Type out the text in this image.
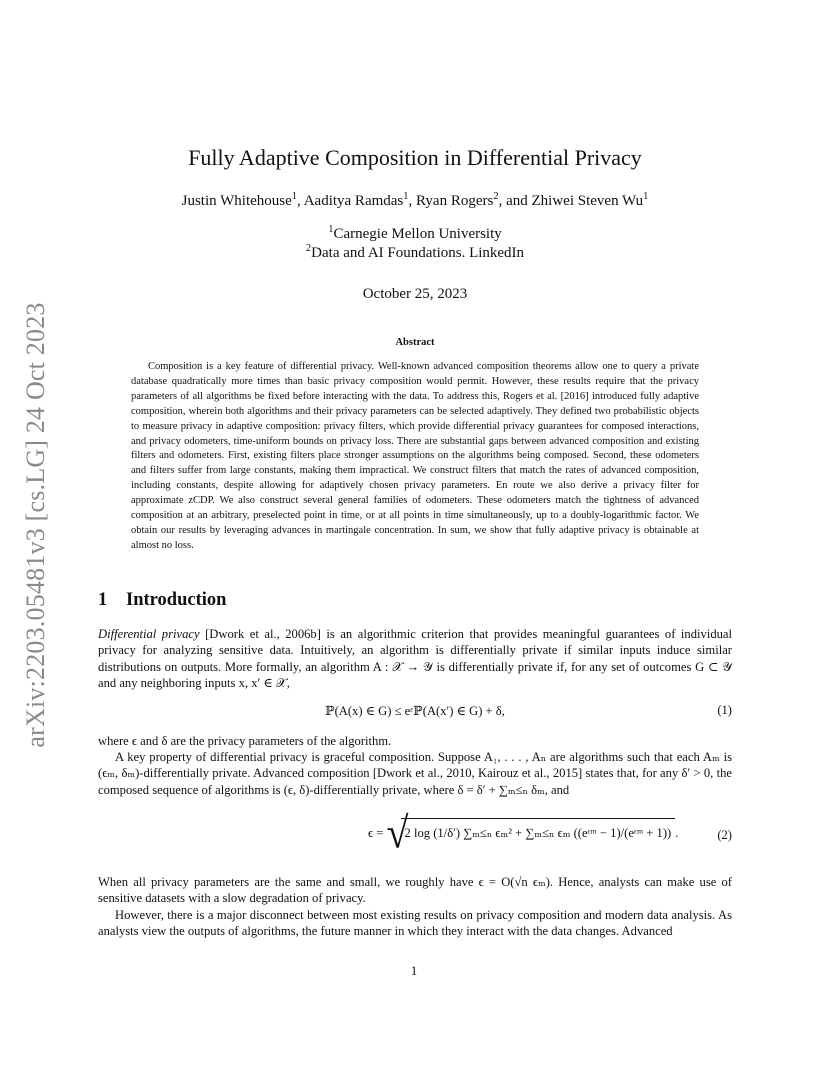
arXiv:2203.05481v3 [cs.LG] 24 Oct 2023
Fully Adaptive Composition in Differential Privacy
Justin Whitehouse$^1$, Aaditya Ramdas$^1$, Ryan Rogers$^2$, and Zhiwei Steven Wu$^1$
$^1$Carnegie Mellon University
$^2$Data and AI Foundations. LinkedIn
October 25, 2023
Abstract

Composition is a key feature of differential privacy. Well-known advanced composition theorems allow one to query a private database quadratically more times than basic privacy composition would permit. However, these results require that the privacy parameters of all algorithms be fixed before interacting with the data. To address this, Rogers et al. [2016] introduced fully adaptive composition, wherein both algorithms and their privacy parameters can be selected adaptively. They defined two probabilistic objects to measure privacy in adaptive composition: privacy filters, which provide differential privacy guarantees for composed interactions, and privacy odometers, time-uniform bounds on privacy loss. There are substantial gaps between advanced composition and existing filters and odometers. First, existing filters place stronger assumptions on the algorithms being composed. Second, these odometers and filters suffer from large constants, making them impractical. We construct filters that match the rates of advanced composition, including constants, despite allowing for adaptively chosen privacy parameters. En route we also derive a privacy filter for approximate zCDP. We also construct several general families of odometers. These odometers match the tightness of advanced composition at an arbitrary, preselected point in time, or at all points in time simultaneously, up to a doubly-logarithmic factor. We obtain our results by leveraging advances in martingale concentration. In sum, we show that fully adaptive privacy is obtainable at almost no loss.

1 Introduction

Differential privacy [Dwork et al., 2006b] is an algorithmic criterion that provides meaningful guarantees of individual privacy for analyzing sensitive data. Intuitively, an algorithm is differentially private if similar inputs induce similar distributions on outputs. More formally, an algorithm A : 𝒳 → 𝒴 is differentially private if, for any set of outcomes G ⊂ 𝒴 and any neighboring inputs x, x′ ∈ 𝒳,

ℙ(A(x) ∈ G) ≤ eᵋℙ(A(x′) ∈ G) + δ,	(1)

where ϵ and δ are the privacy parameters of the algorithm.

A key property of differential privacy is graceful composition. Suppose A₁, . . . , Aₙ are algorithms such that each Aₘ is (ϵₘ, δₘ)-differentially private. Advanced composition [Dwork et al., 2010, Kairouz et al., 2015] states that, for any δ′ > 0, the composed sequence of algorithms is (ϵ, δ)-differentially private, where δ = δ′ + ∑ₘ≤ₙ δₘ, and

ϵ = √
2 log (1/δ′) ∑ₘ≤ₙ ϵₘ² + ∑ₘ≤ₙ ϵₘ ((eᵋᵐ − 1)/(eᵋᵐ + 1)) .	(2)

When all privacy parameters are the same and small, we roughly have ϵ = O(√n ϵₘ). Hence, analysts can make use of sensitive datasets with a slow degradation of privacy.

However, there is a major disconnect between most existing results on privacy composition and modern data analysis. As analysts view the outputs of algorithms, the future manner in which they interact with the data changes. Advanced

1
